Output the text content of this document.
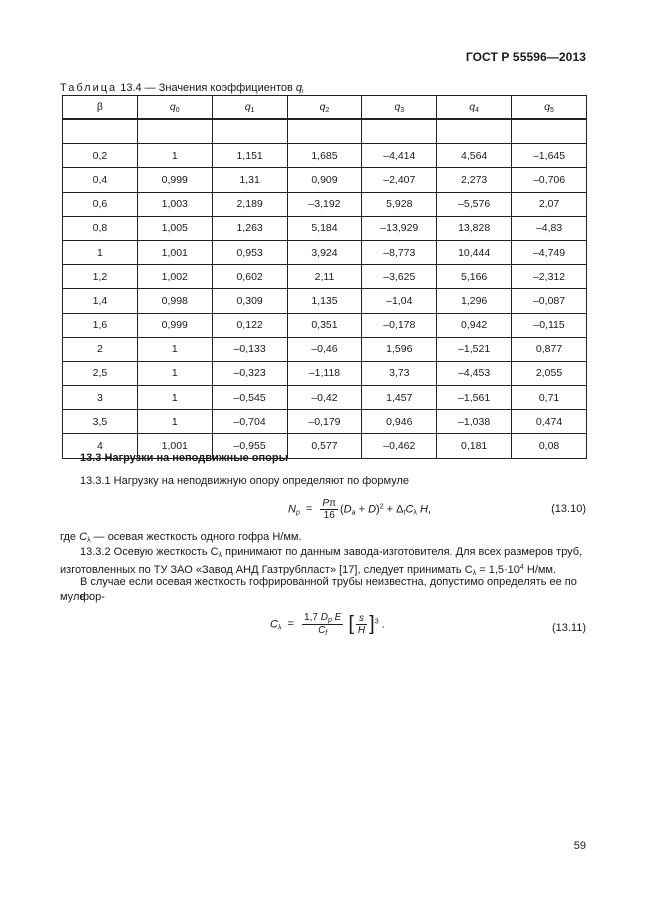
ГОСТ Р 55596—2013
Таблица 13.4 — Значения коэффициентов $q_i$
β	$q_0$	$q_1$	$q_2$	$q_3$	$q_4$	$q_5$

0,2	1	1,151	1,685	–4,414	4,564	–1,645
0,4	0,999	1,31	0,909	–2,407	2,273	–0,706
0,6	1,003	2,189	–3,192	5,928	–5,576	2,07
0,8	1,005	1,263	5,184	–13,929	13,828	–4,83
1	1,001	0,953	3,924	–8,773	10,444	–4,749
1,2	1,002	0,602	2,11	–3,625	5,166	–2,312
1,4	0,998	0,309	1,135	–1,04	1,296	–0,087
1,6	0,999	0,122	0,351	–0,178	0,942	–0,115
2	1	–0,133	–0,46	1,596	–1,521	0,877
2,5	1	–0,323	–1,118	3,73	–4,453	2,055
3	1	–0,545	–0,42	1,457	–1,561	0,71
3,5	1	–0,704	–0,179	0,946	–1,038	0,474
4	1,001	–0,955	0,577	–0,462	0,181	0,08
13.3 Нагрузки на неподвижные опоры
13.3.1 Нагрузку на неподвижную опору определяют по формуле
$N_p = \frac{P\pi}{16} (D_a + D)^2 + \Delta_tC_\lambda$ H,	(13.10)
где $C_\lambda$ — осевая жесткость одного гофра Н/мм.
13.3.2 Осевую жесткость $C_\lambda$ принимают по данным завода-изготовителя. Для всех размеров труб,
изготовленных по ТУ ЗАО «Завод АНД Газтрубпласт» [17], следует принимать $C_\lambda = 1,5\cdot 10^4$ Н/мм.
В случае если осевая жесткость гофрированной трубы неизвестна, допустимо определять ее по фор-
муле
$C_\lambda = \frac{1,7 D_p E}{C_f}$ [ $\frac{s}{H} ]^3$ .	(13.11)
59
